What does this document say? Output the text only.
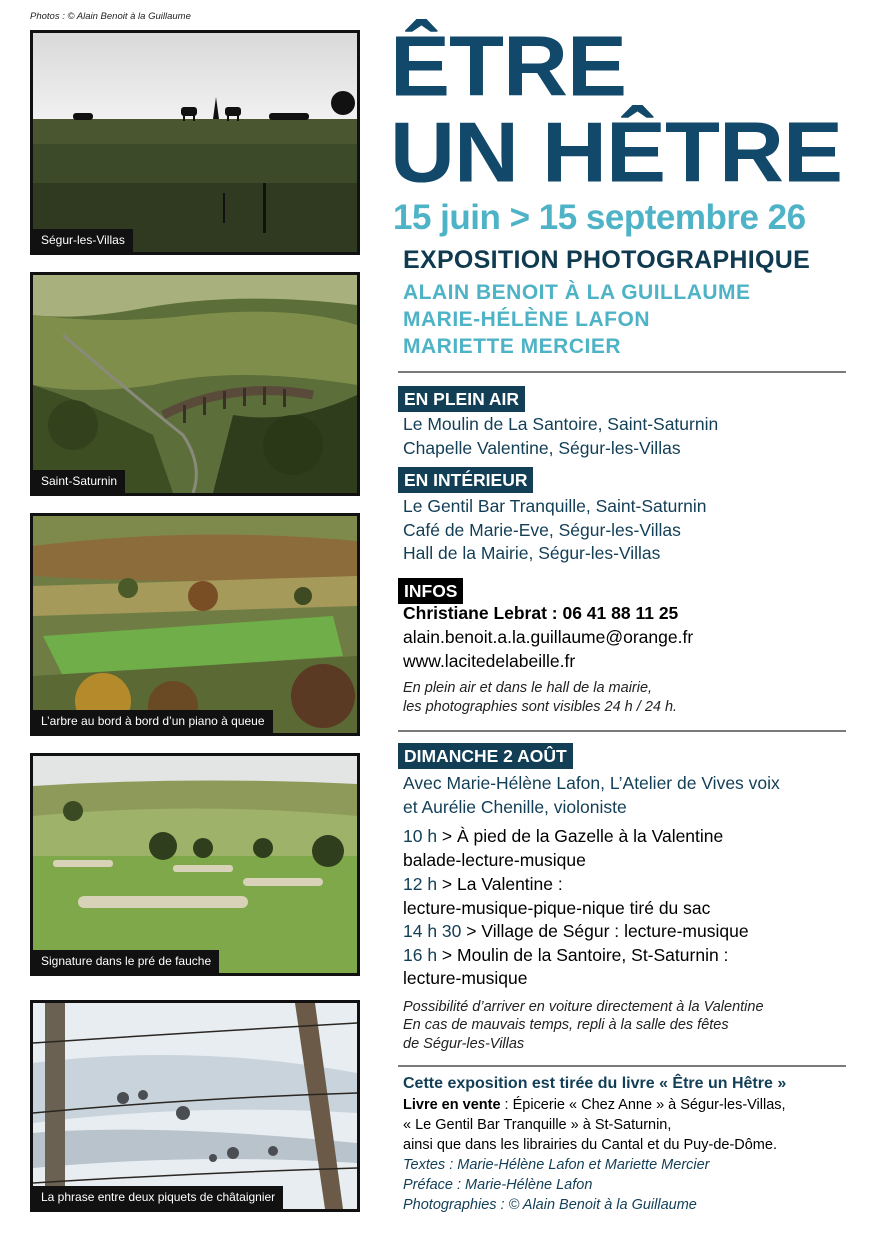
Photos : © Alain Benoit à la Guillaume
Ségur-les-Villas
Saint-Saturnin
L’arbre au bord à bord d’un piano à queue
Signature dans le pré de fauche
La phrase entre deux piquets de châtaignier
ÊTRE
UN HÊTRE
15 juin > 15 septembre 26
EXPOSITION PHOTOGRAPHIQUE
ALAIN BENOIT À LA GUILLAUME
MARIE-HÉLÈNE LAFON
MARIETTE MERCIER
EN PLEIN AIR
Le Moulin de La Santoire, Saint-Saturnin
Chapelle Valentine, Ségur-les-Villas
EN INTÉRIEUR
Le Gentil Bar Tranquille, Saint-Saturnin
Café de Marie-Eve, Ségur-les-Villas
Hall de la Mairie, Ségur-les-Villas
INFOS
Christiane Lebrat : 06 41 88 11 25
alain.benoit.a.la.guillaume@orange.fr
www.lacitedelabeille.fr
En plein air et dans le hall de la mairie,
les photographies sont visibles 24 h / 24 h.
DIMANCHE 2 AOÛT
Avec Marie-Hélène Lafon, L’Atelier de Vives voix
et Aurélie Chenille, violoniste
10 h > À pied de la Gazelle à la Valentine
balade-lecture-musique
12 h > La Valentine :
lecture-musique-pique-nique tiré du sac
14 h 30 > Village de Ségur : lecture-musique
16 h > Moulin de la Santoire, St-Saturnin :
lecture-musique
Possibilité d’arriver en voiture directement à la Valentine
En cas de mauvais temps, repli à la salle des fêtes
de Ségur-les-Villas
Cette exposition est tirée du livre « Être un Hêtre »
Livre en vente : Épicerie « Chez Anne » à Ségur-les-Villas,
« Le Gentil Bar Tranquille » à St-Saturnin,
ainsi que dans les librairies du Cantal et du Puy-de-Dôme.
Textes : Marie-Hélène Lafon et Mariette Mercier
Préface : Marie-Hélène Lafon
Photographies : © Alain Benoit à la Guillaume
